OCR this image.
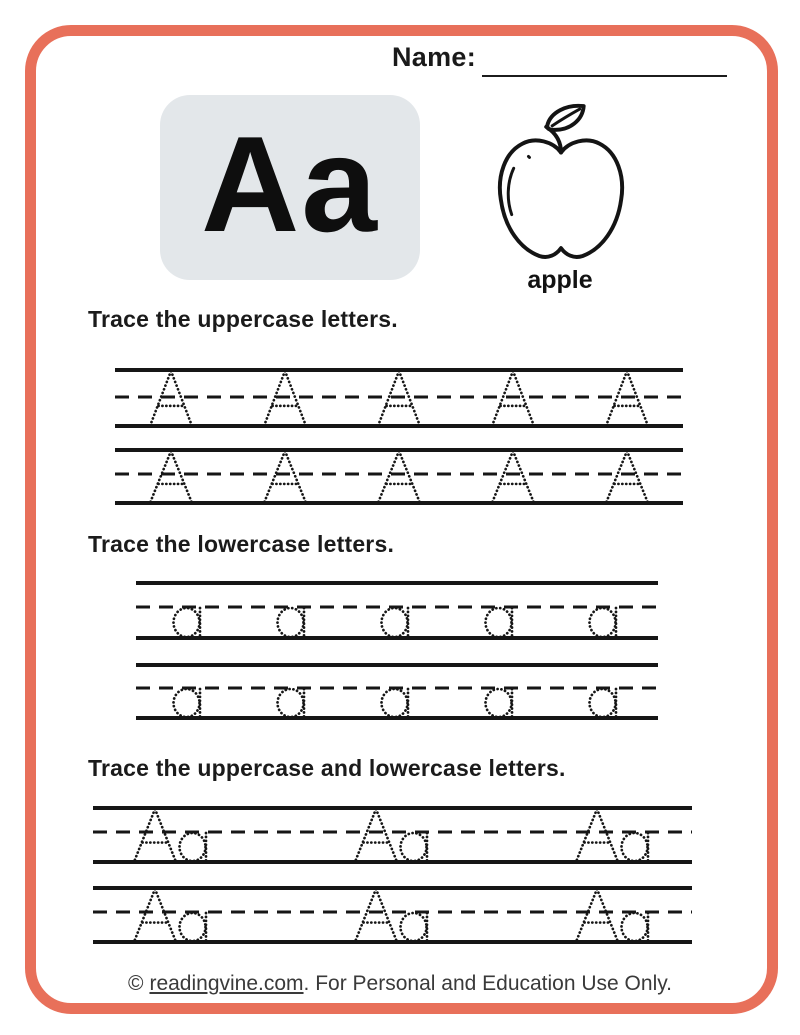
Name:
Aa
apple
Trace the uppercase letters.
Trace the lowercase letters.
Trace the uppercase and lowercase letters.
© readingvine.com. For Personal and Education Use Only.
